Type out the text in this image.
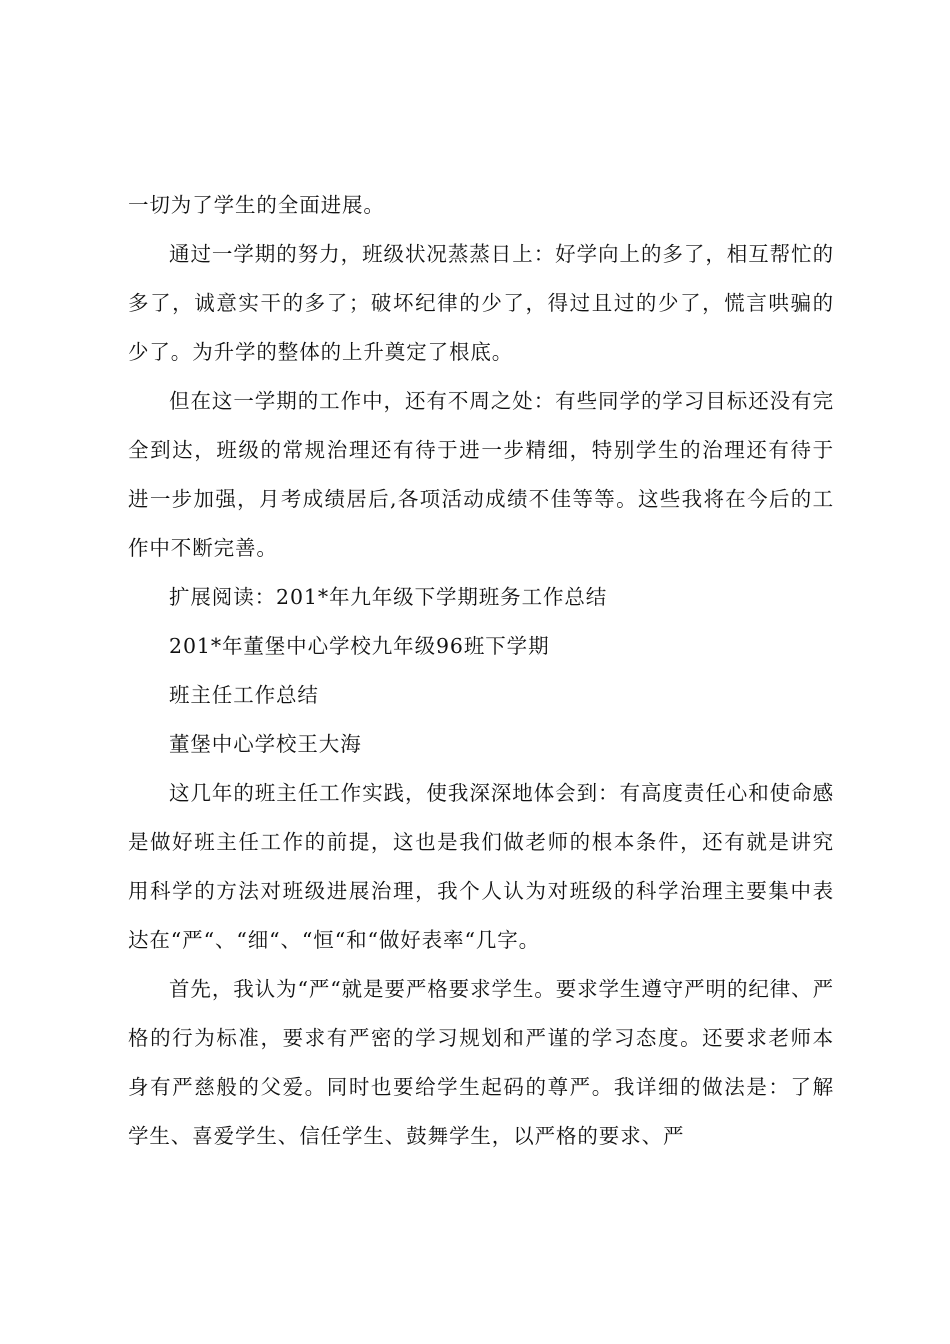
一切为了学生的全面进展。

通过一学期的努力，班级状况蒸蒸日上：好学向上的多了，相互帮忙的多了，诚意实干的多了；破坏纪律的少了，得过且过的少了，慌言哄骗的少了。为升学的整体的上升奠定了根底。

但在这一学期的工作中，还有不周之处：有些同学的学习目标还没有完全到达，班级的常规治理还有待于进一步精细，特别学生的治理还有待于进一步加强，月考成绩居后,各项活动成绩不佳等等。这些我将在今后的工作中不断完善。

扩展阅读：201*年九年级下学期班务工作总结

201*年董堡中心学校九年级96班下学期

班主任工作总结

董堡中心学校王大海

这几年的班主任工作实践，使我深深地体会到：有高度责任心和使命感是做好班主任工作的前提，这也是我们做老师的根本条件，还有就是讲究用科学的方法对班级进展治理，我个人认为对班级的科学治理主要集中表达在“严“、“细“、“恒“和“做好表率“几字。

首先，我认为“严“就是要严格要求学生。要求学生遵守严明的纪律、严格的行为标准，要求有严密的学习规划和严谨的学习态度。还要求老师本身有严慈般的父爱。同时也要给学生起码的尊严。我详细的做法是：了解学生、喜爱学生、信任学生、鼓舞学生，以严格的要求、严
